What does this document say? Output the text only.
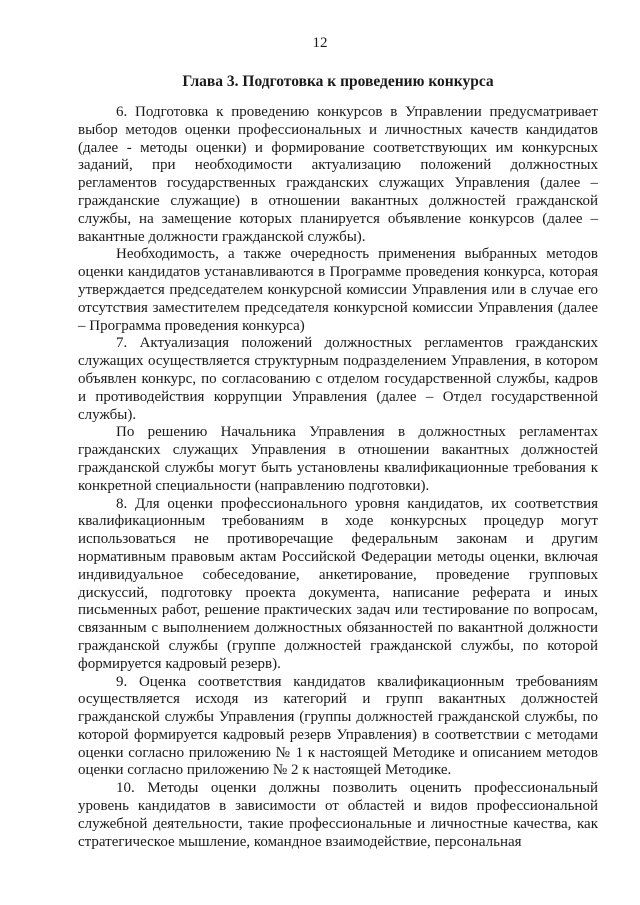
12
Глава 3. Подготовка к проведению конкурса

6. Подготовка к проведению конкурсов в Управлении предусматривает выбор методов оценки профессиональных и личностных качеств кандидатов (далее - методы оценки) и формирование соответствующих им конкурсных заданий, при необходимости актуализацию положений должностных регламентов государственных гражданских служащих Управления (далее – гражданские служащие) в отношении вакантных должностей гражданской службы, на замещение которых планируется объявление конкурсов (далее – вакантные должности гражданской службы).

Необходимость, а также очередность применения выбранных методов оценки кандидатов устанавливаются в Программе проведения конкурса, которая утверждается председателем конкурсной комиссии Управления или в случае его отсутствия заместителем председателя конкурсной комиссии Управления (далее – Программа проведения конкурса)

7. Актуализация положений должностных регламентов гражданских служащих осуществляется структурным подразделением Управления, в котором объявлен конкурс, по согласованию с отделом государственной службы, кадров и противодействия коррупции Управления (далее – Отдел государственной службы).

По решению Начальника Управления в должностных регламентах гражданских служащих Управления в отношении вакантных должностей гражданской службы могут быть установлены квалификационные требования к конкретной специальности (направлению подготовки).

8. Для оценки профессионального уровня кандидатов, их соответствия квалификационным требованиям в ходе конкурсных процедур могут использоваться не противоречащие федеральным законам и другим нормативным правовым актам Российской Федерации методы оценки, включая индивидуальное собеседование, анкетирование, проведение групповых дискуссий, подготовку проекта документа, написание реферата и иных письменных работ, решение практических задач или тестирование по вопросам, связанным с выполнением должностных обязанностей по вакантной должности гражданской службы (группе должностей гражданской службы, по которой формируется кадровый резерв).

9. Оценка соответствия кандидатов квалификационным требованиям осуществляется исходя из категорий и групп вакантных должностей гражданской службы Управления (группы должностей гражданской службы, по которой формируется кадровый резерв Управления) в соответствии с методами оценки согласно приложению № 1 к настоящей Методике и описанием методов оценки согласно приложению № 2 к настоящей Методике.

10. Методы оценки должны позволить оценить профессиональный уровень кандидатов в зависимости от областей и видов профессиональной служебной деятельности, такие профессиональные и личностные качества, как стратегическое мышление, командное взаимодействие, персональная
